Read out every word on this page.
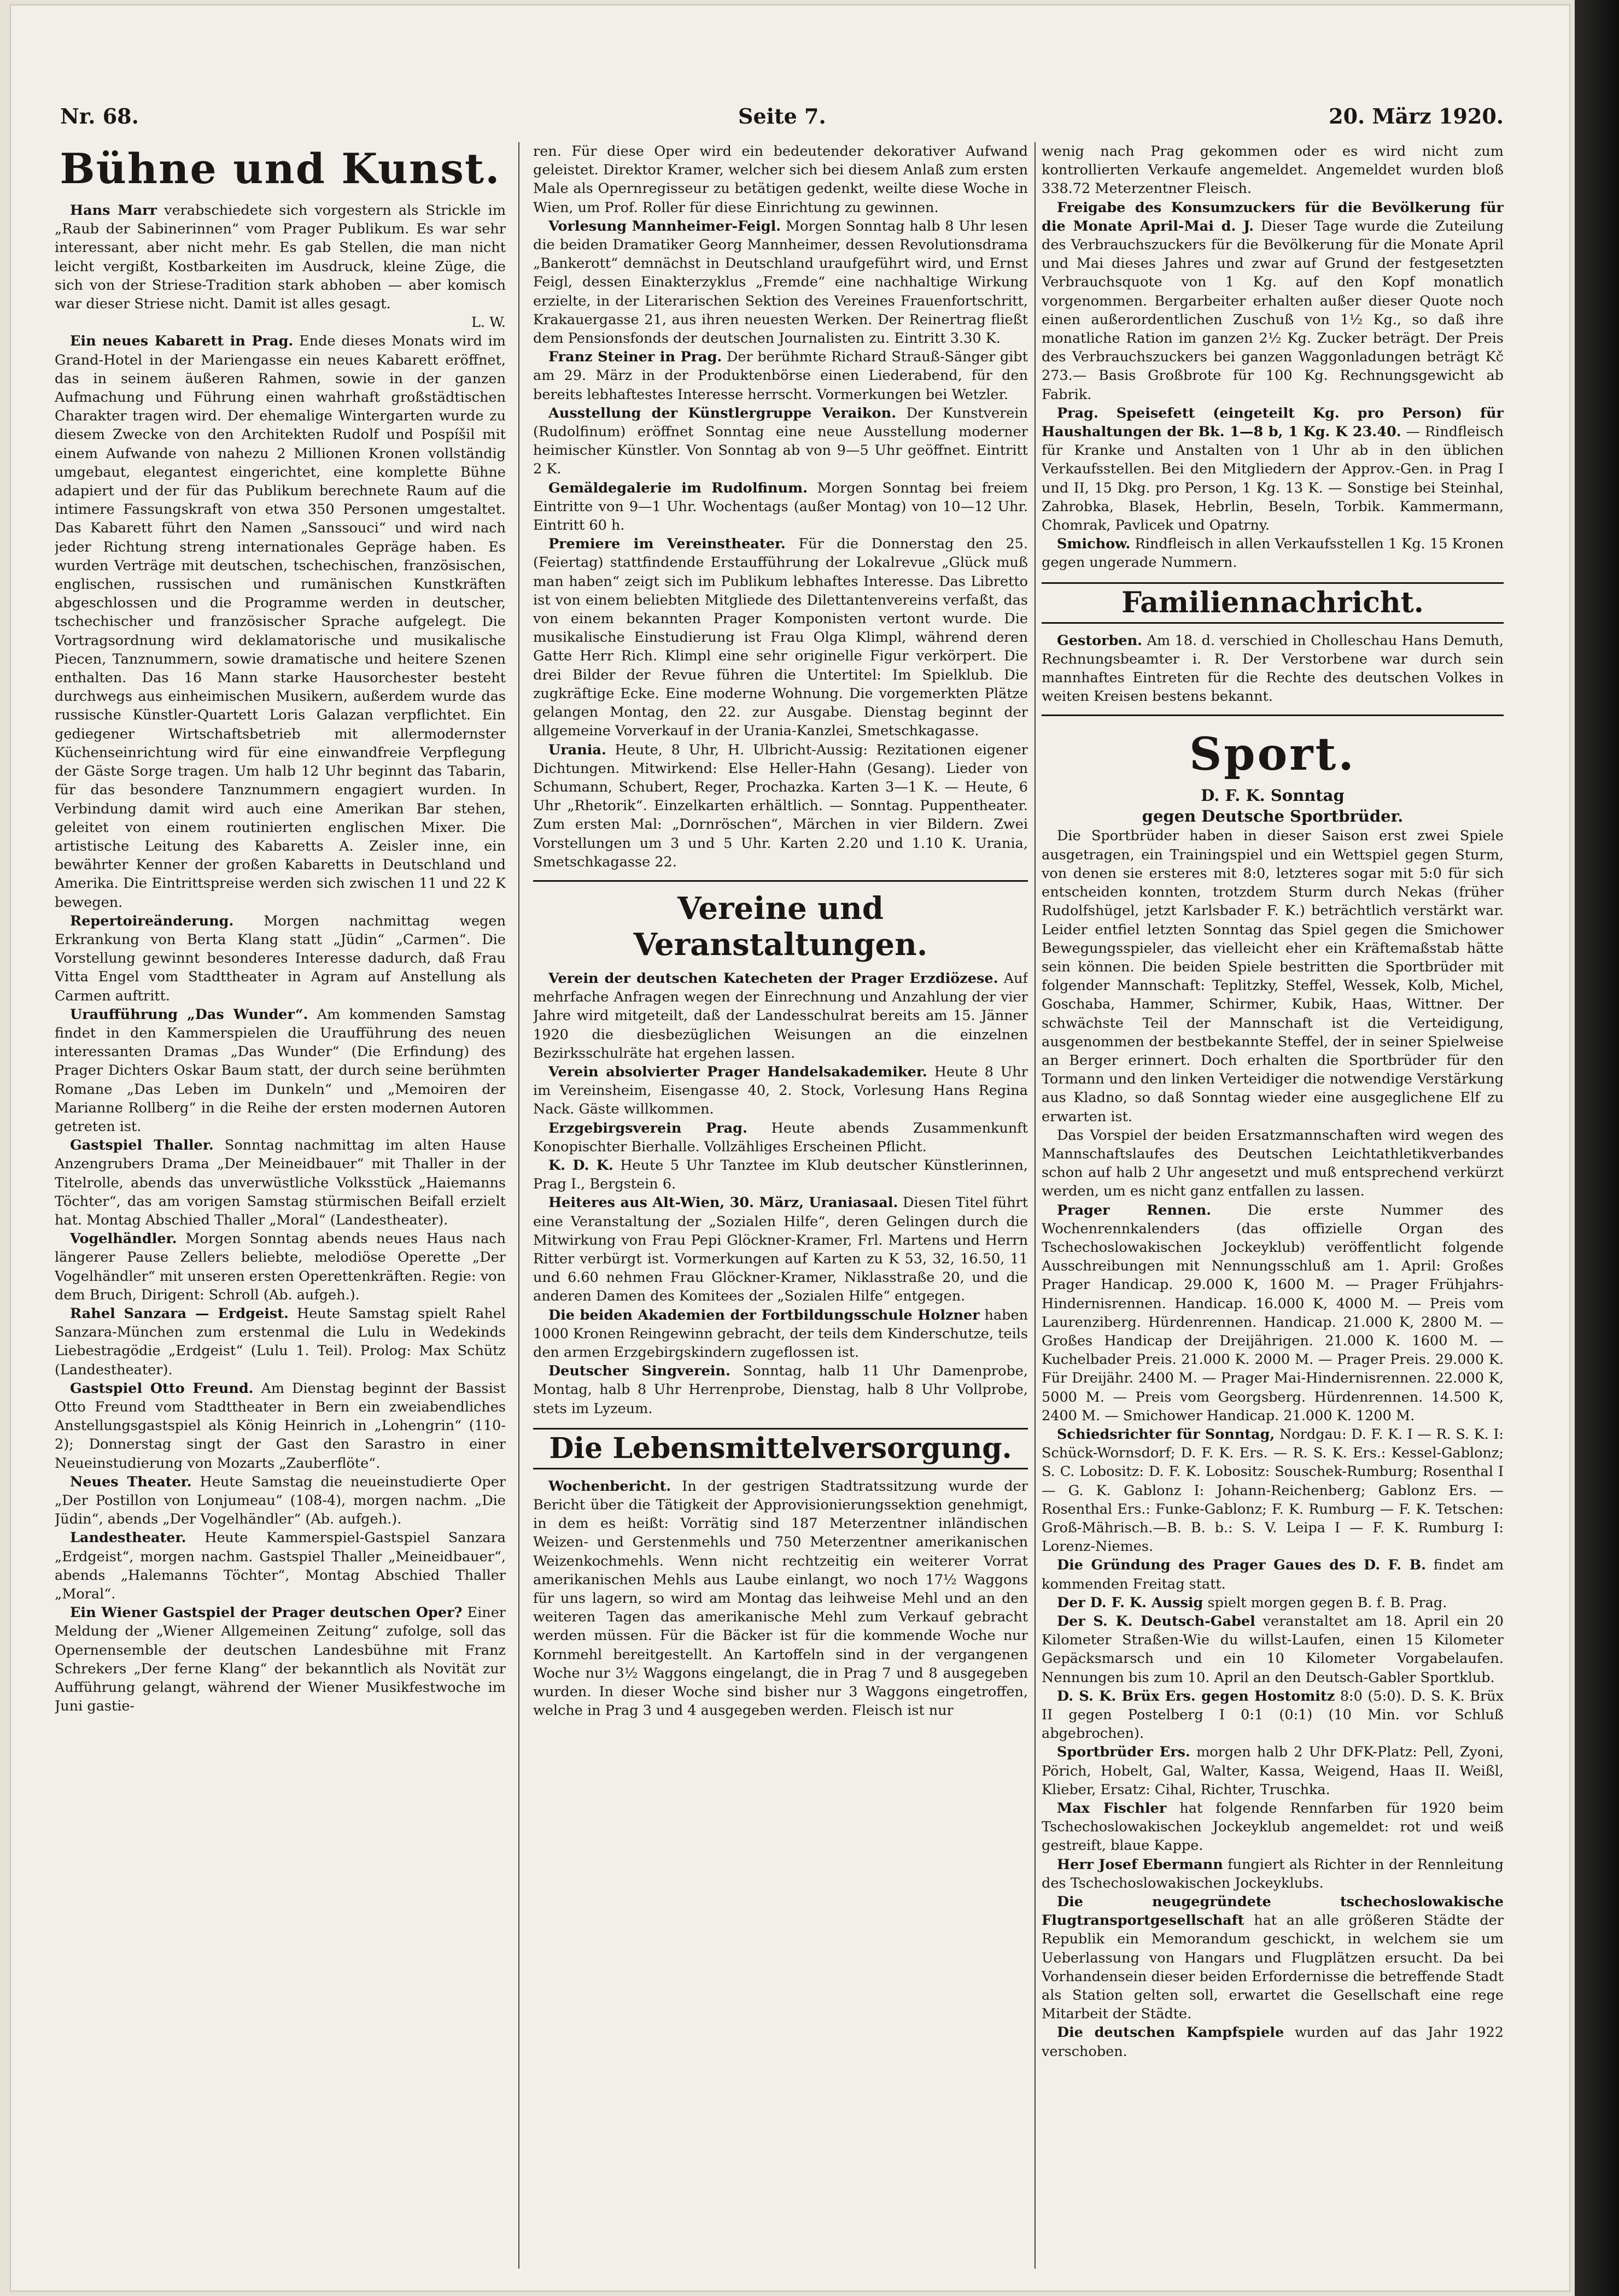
Nr. 68.	Seite 7.	20. März 1920.
Bühne und Kunst.

Hans Marr verabschiedete sich vorgestern als Strickle im „Raub der Sabinerinnen“ vom Prager Publikum. Es war sehr interessant, aber nicht mehr. Es gab Stellen, die man nicht leicht vergißt, Kostbarkeiten im Ausdruck, kleine Züge, die sich von der Striese-Tradition stark abhoben — aber komisch war dieser Striese nicht. Damit ist alles gesagt.

L. W.

Ein neues Kabarett in Prag. Ende dieses Monats wird im Grand-Hotel in der Mariengasse ein neues Kabarett eröffnet, das in seinem äußeren Rahmen, sowie in der ganzen Aufmachung und Führung einen wahrhaft großstädtischen Charakter tragen wird. Der ehemalige Wintergarten wurde zu diesem Zwecke von den Architekten Rudolf und Pospíšil mit einem Aufwande von nahezu 2 Millionen Kronen vollständig umgebaut, elegantest eingerichtet, eine komplette Bühne adapiert und der für das Publikum berechnete Raum auf die intimere Fassungskraft von etwa 350 Personen umgestaltet. Das Kabarett führt den Namen „Sanssouci“ und wird nach jeder Richtung streng internationales Gepräge haben. Es wurden Verträge mit deutschen, tschechischen, französischen, englischen, russischen und rumänischen Kunstkräften abgeschlossen und die Programme werden in deutscher, tschechischer und französischer Sprache aufgelegt. Die Vortragsordnung wird deklamatorische und musikalische Piecen, Tanznummern, sowie dramatische und heitere Szenen enthalten. Das 16 Mann starke Hausorchester besteht durchwegs aus einheimischen Musikern, außerdem wurde das russische Künstler-Quartett Loris Galazan verpflichtet. Ein gediegener Wirtschaftsbetrieb mit allermodernster Küchenseinrichtung wird für eine einwandfreie Verpflegung der Gäste Sorge tragen. Um halb 12 Uhr beginnt das Tabarin, für das besondere Tanznummern engagiert wurden. In Verbindung damit wird auch eine Amerikan Bar stehen, geleitet von einem routinierten englischen Mixer. Die artistische Leitung des Kabaretts A. Zeisler inne, ein bewährter Kenner der großen Kabaretts in Deutschland und Amerika. Die Eintrittspreise werden sich zwischen 11 und 22 K bewegen.

Repertoireänderung. Morgen nachmittag wegen Erkrankung von Berta Klang statt „Jüdin“ „Carmen“. Die Vorstellung gewinnt besonderes Interesse dadurch, daß Frau Vitta Engel vom Stadttheater in Agram auf Anstellung als Carmen auftritt.

Uraufführung „Das Wunder“. Am kommenden Samstag findet in den Kammerspielen die Uraufführung des neuen interessanten Dramas „Das Wunder“ (Die Erfindung) des Prager Dichters Oskar Baum statt, der durch seine berühmten Romane „Das Leben im Dunkeln“ und „Memoiren der Marianne Rollberg“ in die Reihe der ersten modernen Autoren getreten ist.

Gastspiel Thaller. Sonntag nachmittag im alten Hause Anzengrubers Drama „Der Meineidbauer“ mit Thaller in der Titelrolle, abends das unverwüstliche Volksstück „Haiemanns Töchter“, das am vorigen Samstag stürmischen Beifall erzielt hat. Montag Abschied Thaller „Moral“ (Landestheater).

Vogelhändler. Morgen Sonntag abends neues Haus nach längerer Pause Zellers beliebte, melodiöse Operette „Der Vogelhändler“ mit unseren ersten Operettenkräften. Regie: von dem Bruch, Dirigent: Schroll (Ab. aufgeh.).

Rahel Sanzara — Erdgeist. Heute Samstag spielt Rahel Sanzara-München zum erstenmal die Lulu in Wedekinds Liebestragödie „Erdgeist“ (Lulu 1. Teil). Prolog: Max Schütz (Landestheater).

Gastspiel Otto Freund. Am Dienstag beginnt der Bassist Otto Freund vom Stadttheater in Bern ein zweiabendliches Anstellungsgastspiel als König Heinrich in „Lohengrin“ (110-2); Donnerstag singt der Gast den Sarastro in einer Neueinstudierung von Mozarts „Zauberflöte“.

Neues Theater. Heute Samstag die neueinstudierte Oper „Der Postillon von Lonjumeau“ (108-4), morgen nachm. „Die Jüdin“, abends „Der Vogelhändler“ (Ab. aufgeh.).

Landestheater. Heute Kammerspiel-Gastspiel Sanzara „Erdgeist“, morgen nachm. Gastspiel Thaller „Meineidbauer“, abends „Halemanns Töchter“, Montag Abschied Thaller „Moral“.

Ein Wiener Gastspiel der Prager deutschen Oper? Einer Meldung der „Wiener Allgemeinen Zeitung“ zufolge, soll das Opernensemble der deutschen Landesbühne mit Franz Schrekers „Der ferne Klang“ der bekanntlich als Novität zur Aufführung gelangt, während der Wiener Musikfestwoche im Juni gastie-

ren. Für diese Oper wird ein bedeutender dekorativer Aufwand geleistet. Direktor Kramer, welcher sich bei diesem Anlaß zum ersten Male als Opernregisseur zu betätigen gedenkt, weilte diese Woche in Wien, um Prof. Roller für diese Einrichtung zu gewinnen.

Vorlesung Mannheimer-Feigl. Morgen Sonntag halb 8 Uhr lesen die beiden Dramatiker Georg Mannheimer, dessen Revolutionsdrama „Bankerott“ demnächst in Deutschland uraufgeführt wird, und Ernst Feigl, dessen Einakterzyklus „Fremde“ eine nachhaltige Wirkung erzielte, in der Literarischen Sektion des Vereines Frauenfortschritt, Krakauergasse 21, aus ihren neuesten Werken. Der Reinertrag fließt dem Pensionsfonds der deutschen Journalisten zu. Eintritt 3.30 K.

Franz Steiner in Prag. Der berühmte Richard Strauß-Sänger gibt am 29. März in der Produktenbörse einen Liederabend, für den bereits lebhaftestes Interesse herrscht. Vormerkungen bei Wetzler.

Ausstellung der Künstlergruppe Veraikon. Der Kunstverein (Rudolfinum) eröffnet Sonntag eine neue Ausstellung moderner heimischer Künstler. Von Sonntag ab von 9—5 Uhr geöffnet. Eintritt 2 K.

Gemäldegalerie im Rudolfinum. Morgen Sonntag bei freiem Eintritte von 9—1 Uhr. Wochentags (außer Montag) von 10—12 Uhr. Eintritt 60 h.

Premiere im Vereinstheater. Für die Donnerstag den 25. (Feiertag) stattfindende Erstaufführung der Lokalrevue „Glück muß man haben“ zeigt sich im Publikum lebhaftes Interesse. Das Libretto ist von einem beliebten Mitgliede des Dilettantenvereins verfaßt, das von einem bekannten Prager Komponisten vertont wurde. Die musikalische Einstudierung ist Frau Olga Klimpl, während deren Gatte Herr Rich. Klimpl eine sehr originelle Figur verkörpert. Die drei Bilder der Revue führen die Untertitel: Im Spielklub. Die zugkräftige Ecke. Eine moderne Wohnung. Die vorgemerkten Plätze gelangen Montag, den 22. zur Ausgabe. Dienstag beginnt der allgemeine Vorverkauf in der Urania-Kanzlei, Smetschkagasse.

Urania. Heute, 8 Uhr, H. Ulbricht-Aussig: Rezitationen eigener Dichtungen. Mitwirkend: Else Heller-Hahn (Gesang). Lieder von Schumann, Schubert, Reger, Prochazka. Karten 3—1 K. — Heute, 6 Uhr „Rhetorik“. Einzelkarten erhältlich. — Sonntag. Puppentheater. Zum ersten Mal: „Dornröschen“, Märchen in vier Bildern. Zwei Vorstellungen um 3 und 5 Uhr. Karten 2.20 und 1.10 K. Urania, Smetschkagasse 22.

Vereine und Veranstaltungen.

Verein der deutschen Katecheten der Prager Erzdiözese. Auf mehrfache Anfragen wegen der Einrechnung und Anzahlung der vier Jahre wird mitgeteilt, daß der Landesschulrat bereits am 15. Jänner 1920 die diesbezüglichen Weisungen an die einzelnen Bezirksschulräte hat ergehen lassen.

Verein absolvierter Prager Handelsakademiker. Heute 8 Uhr im Vereinsheim, Eisengasse 40, 2. Stock, Vorlesung Hans Regina Nack. Gäste willkommen.

Erzgebirgsverein Prag. Heute abends Zusammenkunft Konopischter Bierhalle. Vollzähliges Erscheinen Pflicht.

K. D. K. Heute 5 Uhr Tanztee im Klub deutscher Künstlerinnen, Prag I., Bergstein 6.

Heiteres aus Alt-Wien, 30. März, Uraniasaal. Diesen Titel führt eine Veranstaltung der „Sozialen Hilfe“, deren Gelingen durch die Mitwirkung von Frau Pepi Glöckner-Kramer, Frl. Martens und Herrn Ritter verbürgt ist. Vormerkungen auf Karten zu K 53, 32, 16.50, 11 und 6.60 nehmen Frau Glöckner-Kramer, Niklasstraße 20, und die anderen Damen des Komitees der „Sozialen Hilfe“ entgegen.

Die beiden Akademien der Fortbildungsschule Holzner haben 1000 Kronen Reingewinn gebracht, der teils dem Kinderschutze, teils den armen Erzgebirgskindern zugeflossen ist.

Deutscher Singverein. Sonntag, halb 11 Uhr Damenprobe, Montag, halb 8 Uhr Herrenprobe, Dienstag, halb 8 Uhr Vollprobe, stets im Lyzeum.

Die Lebensmittelversorgung.

Wochenbericht. In der gestrigen Stadtratssitzung wurde der Bericht über die Tätigkeit der Approvisionierungssektion genehmigt, in dem es heißt: Vorrätig sind 187 Meterzentner inländischen Weizen- und Gerstenmehls und 750 Meterzentner amerikanischen Weizenkochmehls. Wenn nicht rechtzeitig ein weiterer Vorrat amerikanischen Mehls aus Laube einlangt, wo noch 17½ Waggons für uns lagern, so wird am Montag das leihweise Mehl und an den weiteren Tagen das amerikanische Mehl zum Verkauf gebracht werden müssen. Für die Bäcker ist für die kommende Woche nur Kornmehl bereitgestellt. An Kartoffeln sind in der vergangenen Woche nur 3½ Waggons eingelangt, die in Prag 7 und 8 ausgegeben wurden. In dieser Woche sind bisher nur 3 Waggons eingetroffen, welche in Prag 3 und 4 ausgegeben werden. Fleisch ist nur

wenig nach Prag gekommen oder es wird nicht zum kontrollierten Verkaufe angemeldet. Angemeldet wurden bloß 338.72 Meterzentner Fleisch.

Freigabe des Konsumzuckers für die Bevölkerung für die Monate April-Mai d. J. Dieser Tage wurde die Zuteilung des Verbrauchszuckers für die Bevölkerung für die Monate April und Mai dieses Jahres und zwar auf Grund der festgesetzten Verbrauchsquote von 1 Kg. auf den Kopf monatlich vorgenommen. Bergarbeiter erhalten außer dieser Quote noch einen außerordentlichen Zuschuß von 1½ Kg., so daß ihre monatliche Ration im ganzen 2½ Kg. Zucker beträgt. Der Preis des Verbrauchszuckers bei ganzen Waggonladungen beträgt Kč 273.— Basis Großbrote für 100 Kg. Rechnungsgewicht ab Fabrik.

Prag. Speisefett (eingeteilt Kg. pro Person) für Haushaltungen der Bk. 1—8 b, 1 Kg. K 23.40. — Rindfleisch für Kranke und Anstalten von 1 Uhr ab in den üblichen Verkaufsstellen. Bei den Mitgliedern der Approv.-Gen. in Prag I und II, 15 Dkg. pro Person, 1 Kg. 13 K. — Sonstige bei Steinhal, Zahrobka, Blasek, Hebrlin, Beseln, Torbik. Kammermann, Chomrak, Pavlicek und Opatrny.

Smichow. Rindfleisch in allen Verkaufsstellen 1 Kg. 15 Kronen gegen ungerade Nummern.

Familiennachricht.

Gestorben. Am 18. d. verschied in Cholleschau Hans Demuth, Rechnungsbeamter i. R. Der Verstorbene war durch sein mannhaftes Eintreten für die Rechte des deutschen Volkes in weiten Kreisen bestens bekannt.

Sport.

D. F. K. Sonntag

gegen Deutsche Sportbrüder.

Die Sportbrüder haben in dieser Saison erst zwei Spiele ausgetragen, ein Trainingspiel und ein Wettspiel gegen Sturm, von denen sie ersteres mit 8:0, letzteres sogar mit 5:0 für sich entscheiden konnten, trotzdem Sturm durch Nekas (früher Rudolfshügel, jetzt Karlsbader F. K.) beträchtlich verstärkt war. Leider entfiel letzten Sonntag das Spiel gegen die Smichower Bewegungsspieler, das vielleicht eher ein Kräftemaßstab hätte sein können. Die beiden Spiele bestritten die Sportbrüder mit folgender Mannschaft: Teplitzky, Steffel, Wessek, Kolb, Michel, Goschaba, Hammer, Schirmer, Kubik, Haas, Wittner. Der schwächste Teil der Mannschaft ist die Verteidigung, ausgenommen der bestbekannte Steffel, der in seiner Spielweise an Berger erinnert. Doch erhalten die Sportbrüder für den Tormann und den linken Verteidiger die notwendige Verstärkung aus Kladno, so daß Sonntag wieder eine ausgeglichene Elf zu erwarten ist.

Das Vorspiel der beiden Ersatzmannschaften wird wegen des Mannschaftslaufes des Deutschen Leichtathletikverbandes schon auf halb 2 Uhr angesetzt und muß entsprechend verkürzt werden, um es nicht ganz entfallen zu lassen.

Prager Rennen. Die erste Nummer des Wochenrennkalenders (das offizielle Organ des Tschechoslowakischen Jockeyklub) veröffentlicht folgende Ausschreibungen mit Nennungsschluß am 1. April: Großes Prager Handicap. 29.000 K, 1600 M. — Prager Frühjahrs-Hindernisrennen. Handicap. 16.000 K, 4000 M. — Preis vom Laurenziberg. Hürdenrennen. Handicap. 21.000 K, 2800 M. — Großes Handicap der Dreijährigen. 21.000 K. 1600 M. — Kuchelbader Preis. 21.000 K. 2000 M. — Prager Preis. 29.000 K. Für Dreijähr. 2400 M. — Prager Mai-Hindernisrennen. 22.000 K, 5000 M. — Preis vom Georgsberg. Hürdenrennen. 14.500 K, 2400 M. — Smichower Handicap. 21.000 K. 1200 M.

Schiedsrichter für Sonntag, Nordgau: D. F. K. I — R. S. K. I: Schück-Wornsdorf; D. F. K. Ers. — R. S. K. Ers.: Kessel-Gablonz; S. C. Lobositz: D. F. K. Lobositz: Souschek-Rumburg; Rosenthal I — G. K. Gablonz I: Johann-Reichenberg; Gablonz Ers. — Rosenthal Ers.: Funke-Gablonz; F. K. Rumburg — F. K. Tetschen: Groß-Mährisch.—B. B. b.: S. V. Leipa I — F. K. Rumburg I: Lorenz-Niemes.

Die Gründung des Prager Gaues des D. F. B. findet am kommenden Freitag statt.

Der D. F. K. Aussig spielt morgen gegen B. f. B. Prag.

Der S. K. Deutsch-Gabel veranstaltet am 18. April ein 20 Kilometer Straßen-Wie du willst-Laufen, einen 15 Kilometer Gepäcksmarsch und ein 10 Kilometer Vorgabelaufen. Nennungen bis zum 10. April an den Deutsch-Gabler Sportklub.

D. S. K. Brüx Ers. gegen Hostomitz 8:0 (5:0). D. S. K. Brüx II gegen Postelberg I 0:1 (0:1) (10 Min. vor Schluß abgebrochen).

Sportbrüder Ers. morgen halb 2 Uhr DFK-Platz: Pell, Zyoni, Pörich, Hobelt, Gal, Walter, Kassa, Weigend, Haas II. Weißl, Klieber, Ersatz: Cihal, Richter, Truschka.

Max Fischler hat folgende Rennfarben für 1920 beim Tschechoslowakischen Jockeyklub angemeldet: rot und weiß gestreift, blaue Kappe.

Herr Josef Ebermann fungiert als Richter in der Rennleitung des Tschechoslowakischen Jockeyklubs.

Die neugegründete tschechoslowakische Flugtransportgesellschaft hat an alle größeren Städte der Republik ein Memorandum geschickt, in welchem sie um Ueberlassung von Hangars und Flugplätzen ersucht. Da bei Vorhandensein dieser beiden Erfordernisse die betreffende Stadt als Station gelten soll, erwartet die Gesellschaft eine rege Mitarbeit der Städte.

Die deutschen Kampfspiele wurden auf das Jahr 1922 verschoben.
